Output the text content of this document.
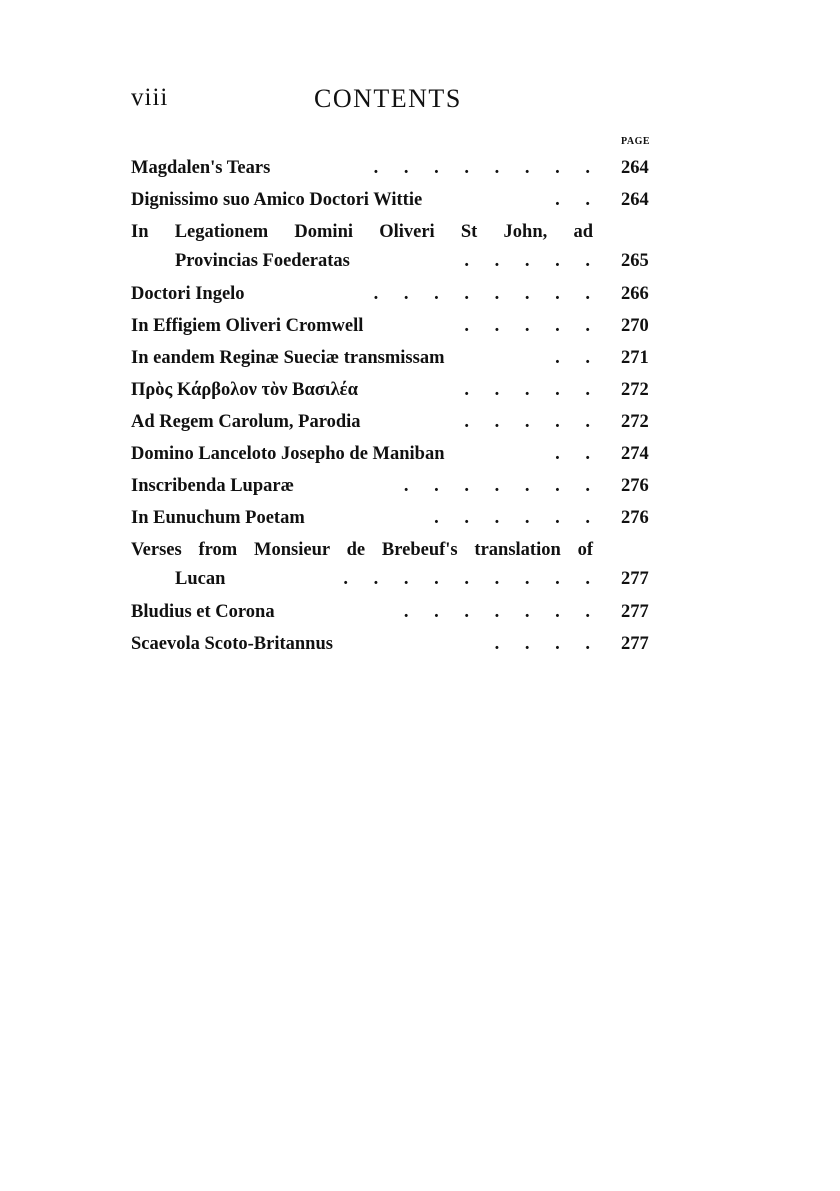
viii	CONTENTS
PAGE
Magdalen's Tears	. . . . . . . . 264
Dignissimo suo Amico Doctori Wittie	. . 264
In Legationem Domini Oliveri St John, ad
Provincias Foederatas	. . . . . 265
Doctori Ingelo	. . . . . . . . 266
In Effigiem Oliveri Cromwell	. . . . . 270
In eandem Reginæ Sueciæ transmissam	. . 271
Πρὸς Κάρβολον τὸν Βασιλέα	. . . . . 272
Ad Regem Carolum, Parodia	. . . . . 272
Domino Lanceloto Josepho de Maniban	. . 274
Inscribenda Luparæ	. . . . . . . 276
In Eunuchum Poetam	. . . . . . 276
Verses from Monsieur de Brebeuf's translation of
Lucan	. . . . . . . . . 277
Bludius et Corona	. . . . . . . 277
Scaevola Scoto-Britannus	. . . . 277
